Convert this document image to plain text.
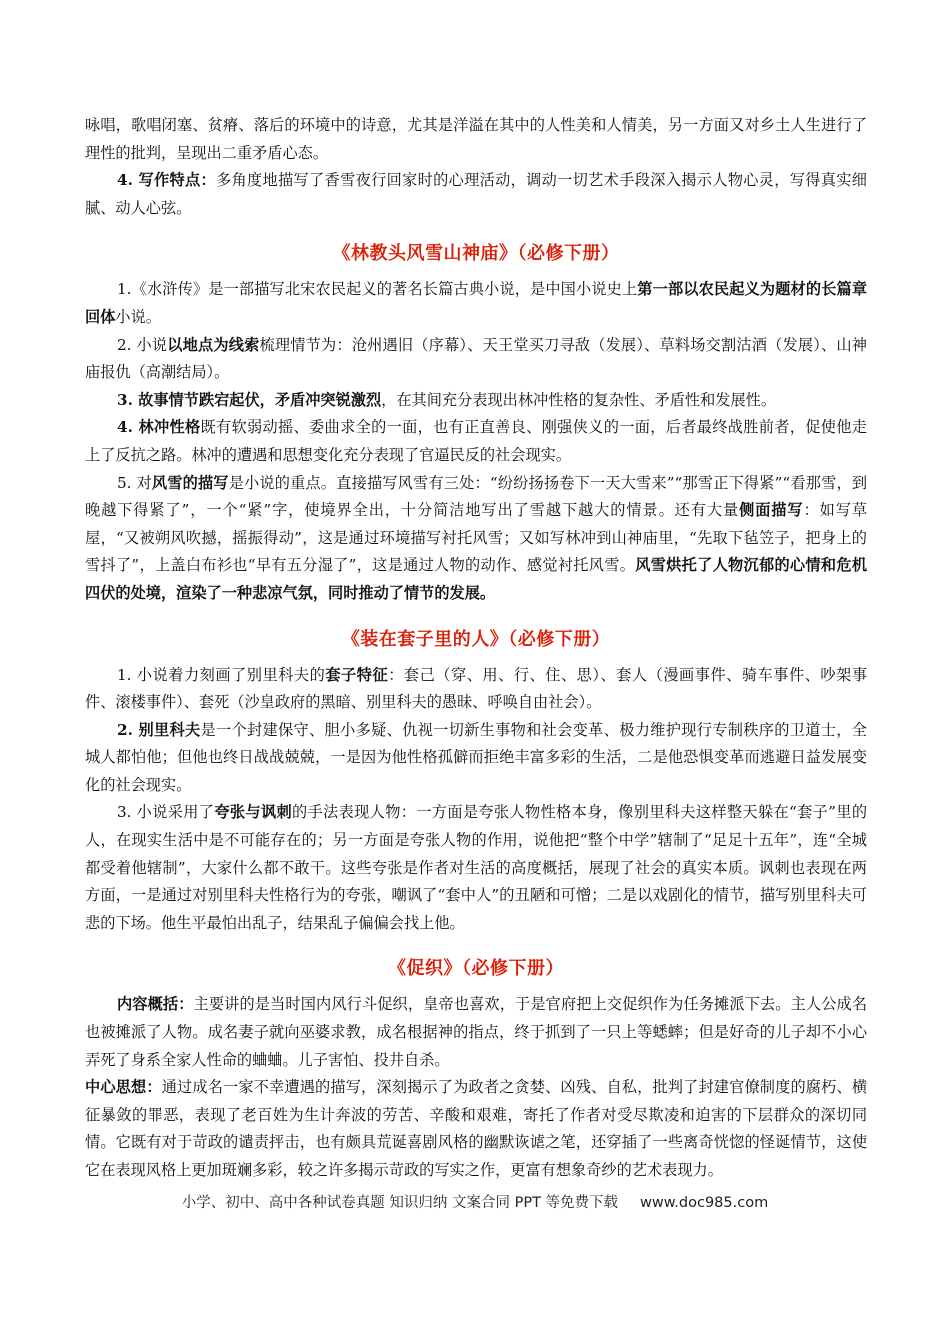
咏唱，歌唱闭塞、贫瘠、落后的环境中的诗意，尤其是洋溢在其中的人性美和人情美，另一方面又对乡土人生进行了理性的批判，呈现出二重矛盾心态。

4. 写作特点：多角度地描写了香雪夜行回家时的心理活动，调动一切艺术手段深入揭示人物心灵，写得真实细腻、动人心弦。

《林教头风雪山神庙》（必修下册）

1.《水浒传》是一部描写北宋农民起义的著名长篇古典小说，是中国小说史上第一部以农民起义为题材的长篇章回体小说。

2. 小说以地点为线索梳理情节为：沧州遇旧（序幕）、天王堂买刀寻敌（发展）、草料场交割沽酒（发展）、山神庙报仇（高潮结局）。

3. 故事情节跌宕起伏，矛盾冲突锐激烈，在其间充分表现出林冲性格的复杂性、矛盾性和发展性。

4. 林冲性格既有软弱动摇、委曲求全的一面，也有正直善良、刚强侠义的一面，后者最终战胜前者，促使他走上了反抗之路。林冲的遭遇和思想变化充分表现了官逼民反的社会现实。

5. 对风雪的描写是小说的重点。直接描写风雪有三处：“纷纷扬扬卷下一天大雪来”“那雪正下得紧”“看那雪，到晚越下得紧了”，一个“紧”字，使境界全出，十分简洁地写出了雪越下越大的情景。还有大量侧面描写：如写草屋，“又被朔风吹撼，摇振得动”，这是通过环境描写衬托风雪；又如写林冲到山神庙里，“先取下毡笠子，把身上的雪抖了”，上盖白布衫也“早有五分湿了”，这是通过人物的动作、感觉衬托风雪。风雪烘托了人物沉郁的心情和危机四伏的处境，渲染了一种悲凉气氛，同时推动了情节的发展。

《装在套子里的人》（必修下册）

1. 小说着力刻画了别里科夫的套子特征：套己（穿、用、行、住、思）、套人（漫画事件、骑车事件、吵架事件、滚楼事件）、套死（沙皇政府的黑暗、别里科夫的愚昧、呼唤自由社会）。

2. 别里科夫是一个封建保守、胆小多疑、仇视一切新生事物和社会变革、极力维护现行专制秩序的卫道士，全城人都怕他；但他也终日战战兢兢，一是因为他性格孤僻而拒绝丰富多彩的生活，二是他恐惧变革而逃避日益发展变化的社会现实。

3. 小说采用了夸张与讽刺的手法表现人物：一方面是夸张人物性格本身，像别里科夫这样整天躲在“套子”里的人，在现实生活中是不可能存在的；另一方面是夸张人物的作用，说他把“整个中学”辖制了“足足十五年”，连“全城都受着他辖制”，大家什么都不敢干。这些夸张是作者对生活的高度概括，展现了社会的真实本质。讽刺也表现在两方面，一是通过对别里科夫性格行为的夸张，嘲讽了“套中人”的丑陋和可憎；二是以戏剧化的情节，描写别里科夫可悲的下场。他生平最怕出乱子，结果乱子偏偏会找上他。

《促织》（必修下册）

内容概括：主要讲的是当时国内风行斗促织，皇帝也喜欢，于是官府把上交促织作为任务摊派下去。主人公成名也被摊派了人物。成名妻子就向巫婆求教，成名根据神的指点，终于抓到了一只上等蟋蟀；但是好奇的儿子却不小心弄死了身系全家人性命的蛐蛐。儿子害怕、投井自杀。

中心思想：通过成名一家不幸遭遇的描写，深刻揭示了为政者之贪婪、凶残、自私，批判了封建官僚制度的腐朽、横征暴敛的罪恶，表现了老百姓为生计奔波的劳苦、辛酸和艰难，寄托了作者对受尽欺凌和迫害的下层群众的深切同情。它既有对于苛政的谴责抨击，也有颇具荒诞喜剧风格的幽默诙谑之笔，还穿插了一些离奇恍惚的怪诞情节，这使它在表现风格上更加斑斓多彩，较之许多揭示苛政的写实之作，更富有想象奇纱的艺术表现力。

小学、初中、高中各种试卷真题 知识归纳 文案合同 PPT 等免费下载 www.doc985.com
